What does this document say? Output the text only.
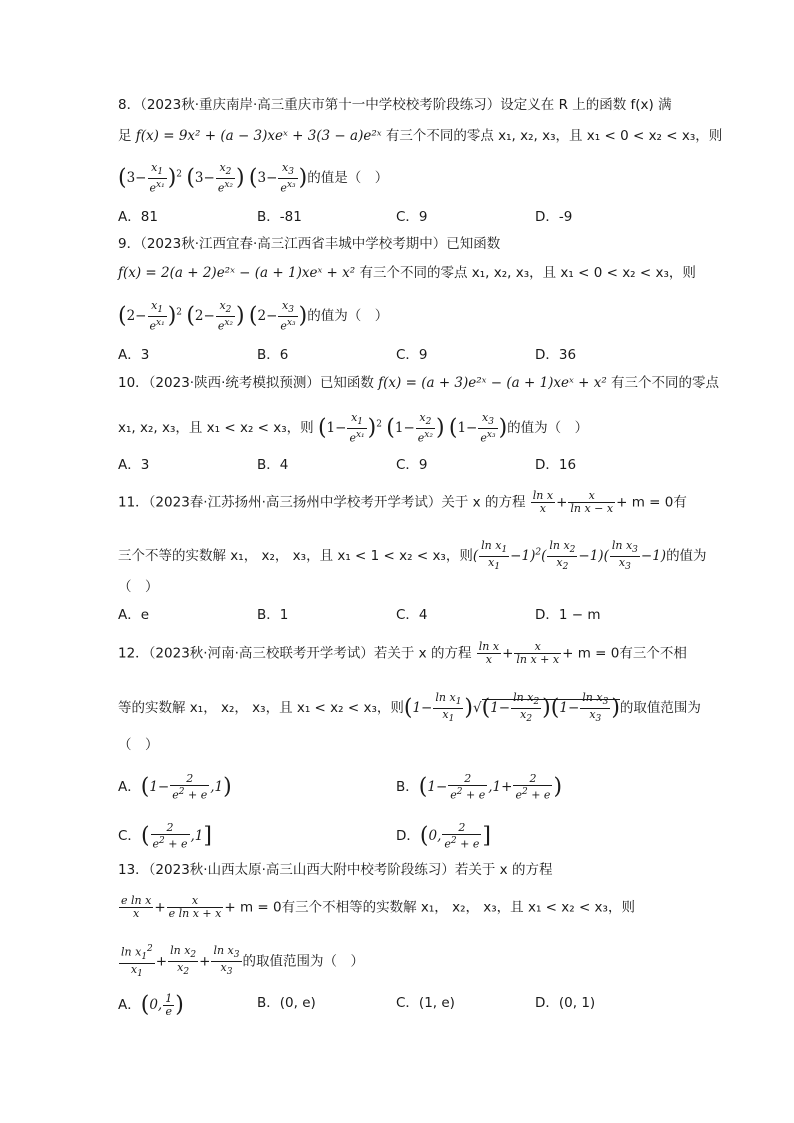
8．（2023秋·重庆南岸·高三重庆市第十一中学校校考阶段练习）设定义在 R 上的函数 f(x) 满
足 f(x) = 9x² + (a − 3)xeˣ + 3(3 − a)e²ˣ 有三个不同的零点 x₁, x₂, x₃，且 x₁ < 0 < x₂ < x₃，则
$(3- \frac{x_1}{e^{x_1}} )^2$ ($3- \frac{x_2}{e^{x_2}}$ ) ($3- \frac{x_3}{e^{x_3}}$ )的值是（　）
A．81	B．-81	C．9	D．-9
9．（2023秋·江西宜春·高三江西省丰城中学校考期中）已知函数
f(x) = 2(a + 2)e²ˣ − (a + 1)xeˣ + x² 有三个不同的零点 x₁, x₂, x₃，且 x₁ < 0 < x₂ < x₃，则
$(2- \frac{x_1}{e^{x_1}} )^2$ ($2- \frac{x_2}{e^{x_2}}$ ) ($2- \frac{x_3}{e^{x_3}}$ )的值为（　）
A．3	B．6	C．9	D．36
10．（2023·陕西·统考模拟预测）已知函数 f(x) = (a + 3)e²ˣ − (a + 1)xeˣ + x² 有三个不同的零点
x₁, x₂, x₃，且 x₁ < x₂ < x₃，则 $(1- \frac{x_1}{e^{x_1}} )^2$ ($1- \frac{x_2}{e^{x_2}}$ ) ($1- \frac{x_3}{e^{x_3}}$ )的值为（　）
A．3	B．4	C．9	D．16
11．（2023春·江苏扬州·高三扬州中学校考开学考试）关于 x 的方程 $\frac{\text{ln x}}{x} + \frac{x}{\text{ln x − x}} + m = 0$有
三个不等的实数解 x₁， x₂， x₃，且 x₁ < 1 < x₂ < x₃，则( $\frac{\ln x_1}{x_1} -1)^2( \frac{\ln x_2}{x_2} -1)( \frac{\ln x_3}{x_3} -1)$的值为
（　）
A．e	B．1	C．4	D．1 − m
12．（2023秋·河南·高三校联考开学考试）若关于 x 的方程 $\frac{\text{ln x}}{x} + \frac{x}{\text{ln x + x}} + m = 0$有三个不相
等的实数解 x₁， x₂， x₃，且 x₁ < x₂ < x₃，则$(1- \frac{\ln x_1}{x_1} )√(1- \frac{\ln x_2}{x_2} )(1- \frac{\ln x_3}{x_3}$ )的取值范围为
（　）
A．$(1- \frac{2}{e^2 + e} ,1)$	B．($1- \frac{2}{e^2 + e} ,1+ \frac{2}{e^2 + e}$ )
C．( $\frac{2}{e^2 + e} ,1$]	D．(0, $\frac{2}{e^2 + e}$ ]
13．（2023秋·山西太原·高三山西大附中校考阶段练习）若关于 x 的方程
$\frac{\text{e ln x}}{x} + \frac{x}{\text{e ln x + x}} + m = 0$有三个不相等的实数解 x₁， x₂， x₃，且 x₁ < x₂ < x₃，则
$\frac{\ln x_1^2}{x_1} + \frac{\ln x_2}{x_2} + \frac{\ln x_3}{x_3}$ 的取值范围为（　）
A．(0, $\frac{1}{e}$ )	B．(0, e)	C．(1, e)	D．(0, 1)
